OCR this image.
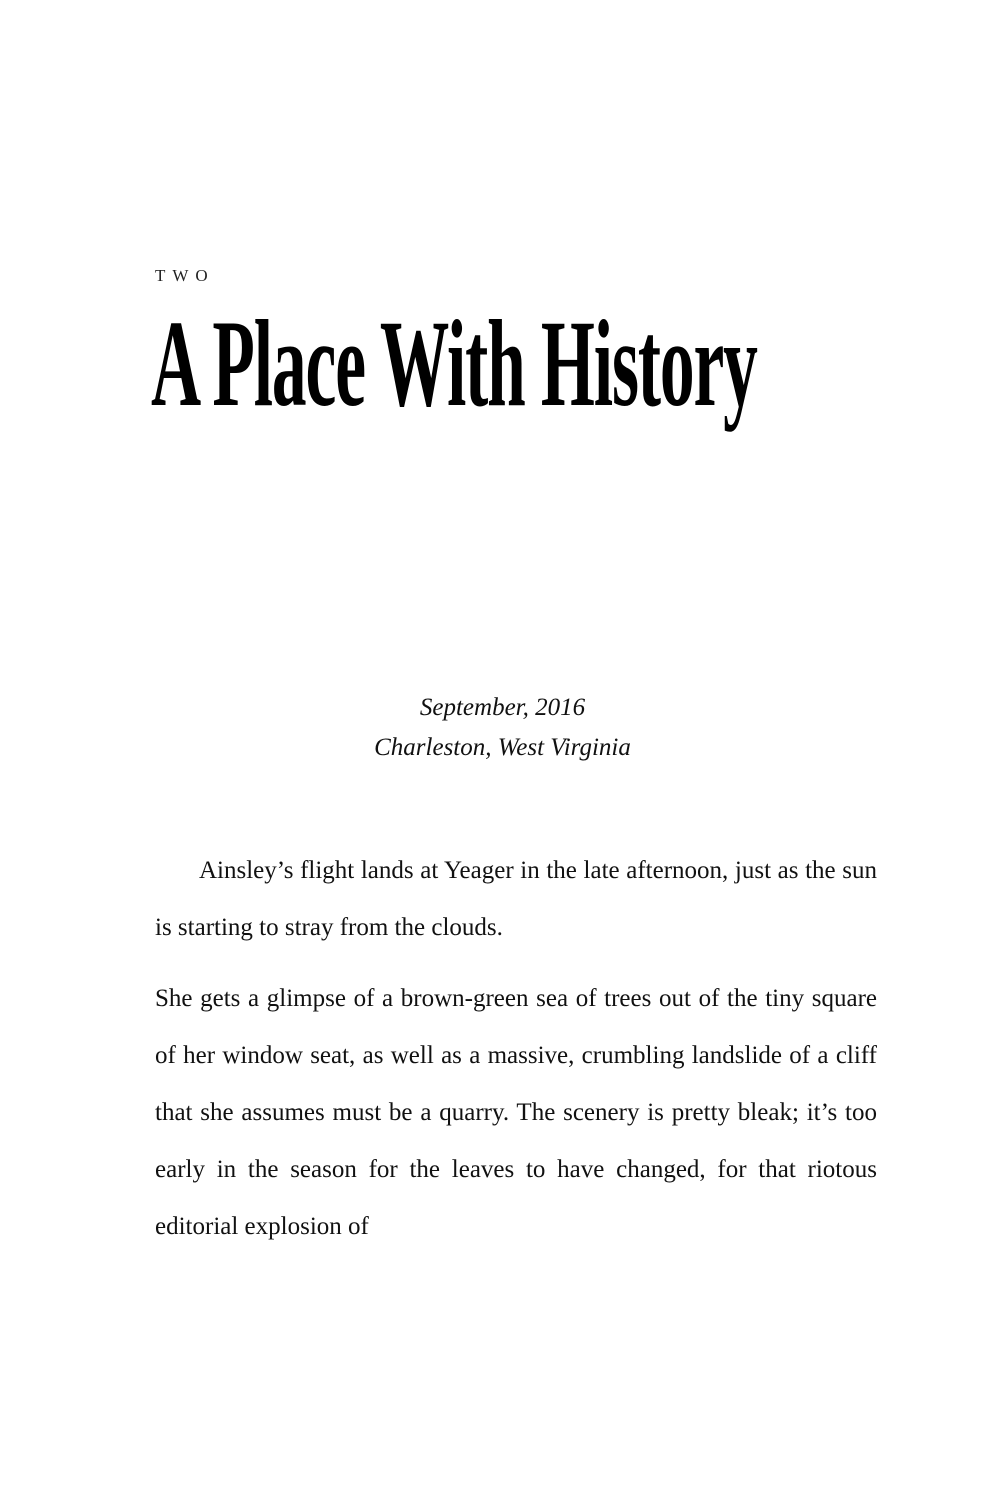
TWO
A Place With History
September, 2016
Charleston, West Virginia

Ainsley’s flight lands at Yeager in the late afternoon, just as the sun is starting to stray from the clouds.

She gets a glimpse of a brown-green sea of trees out of the tiny square of her window seat, as well as a massive, crumbling landslide of a cliff that she assumes must be a quarry. The scenery is pretty bleak; it’s too early in the season for the leaves to have changed, for that riotous editorial explosion of
